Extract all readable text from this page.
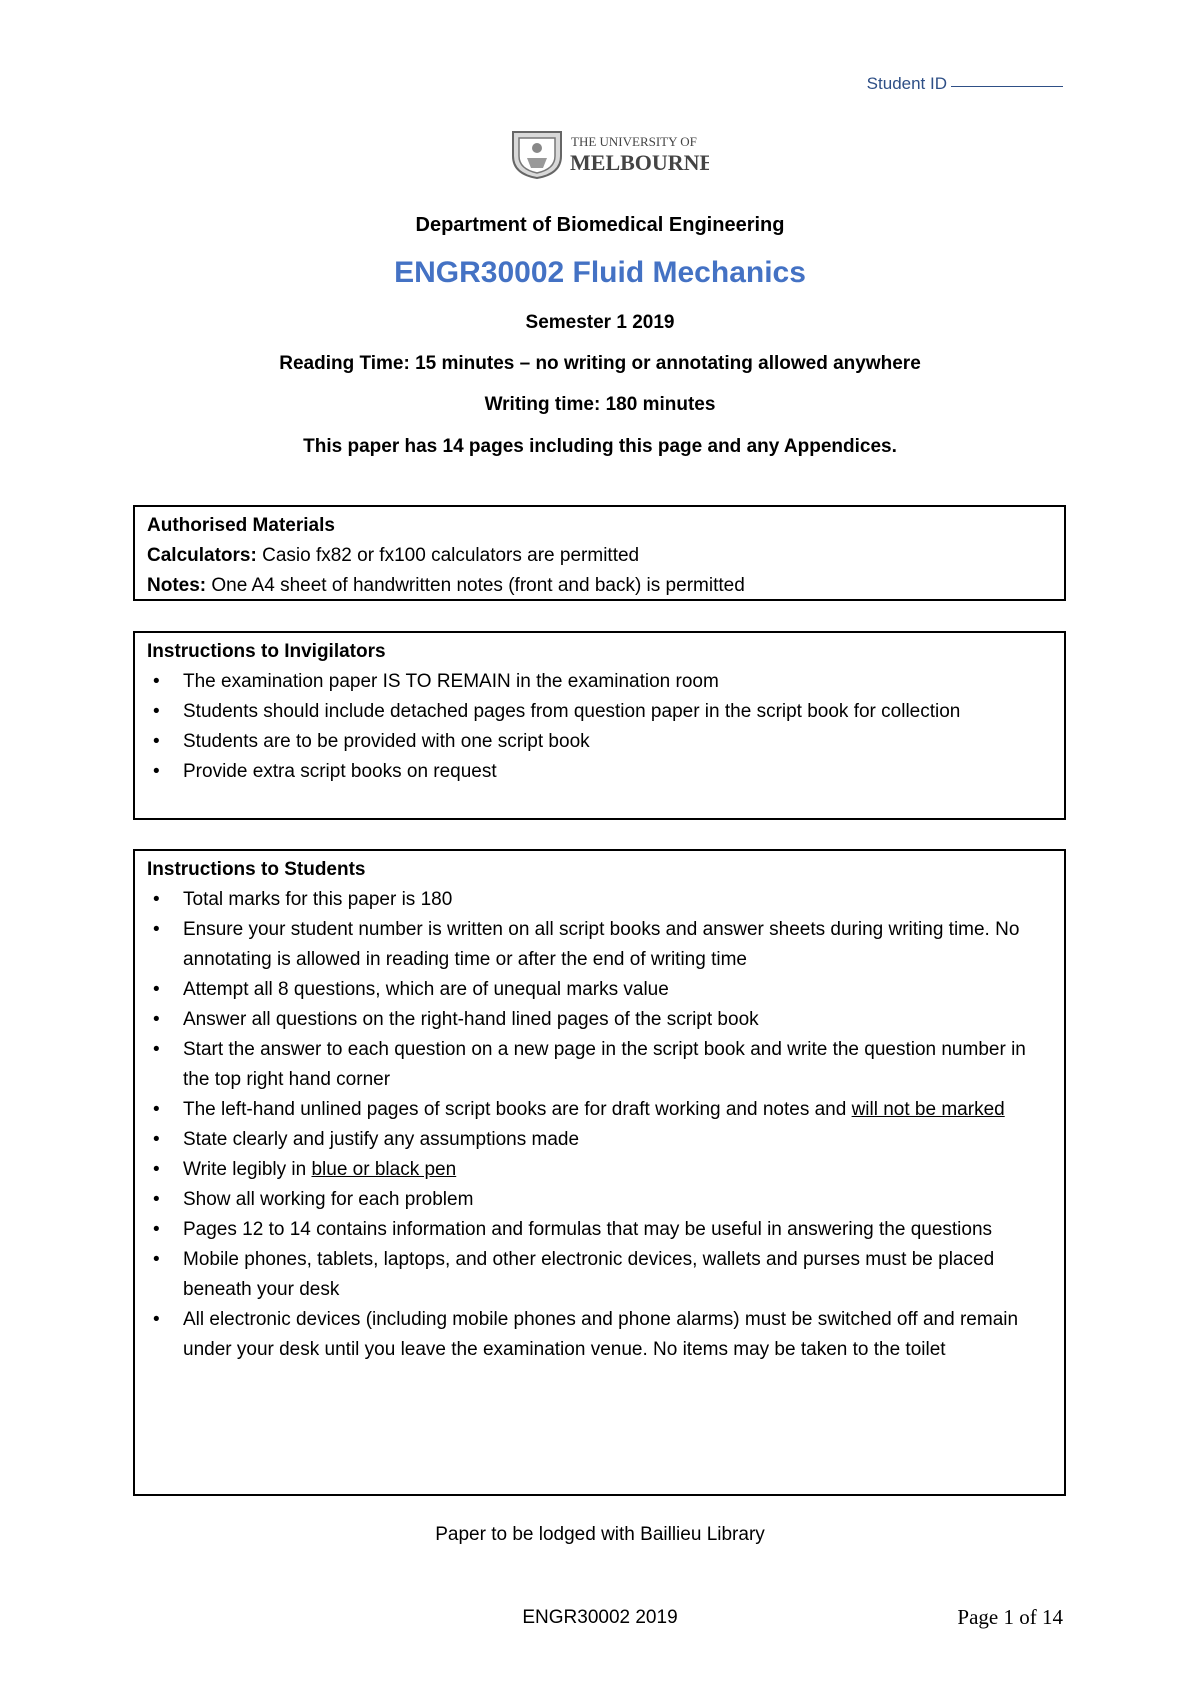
Student ID
THE UNIVERSITY OF
MELBOURNE
Department of Biomedical Engineering
ENGR30002 Fluid Mechanics
Semester 1 2019
Reading Time: 15 minutes – no writing or annotating allowed anywhere
Writing time: 180 minutes
This paper has 14 pages including this page and any Appendices.
Authorised Materials
Calculators: Casio fx82 or fx100 calculators are permitted
Notes: One A4 sheet of handwritten notes (front and back) is permitted
Instructions to Invigilators
• The examination paper IS TO REMAIN in the examination room
• Students should include detached pages from question paper in the script book for collection
• Students are to be provided with one script book
• Provide extra script books on request
Instructions to Students
• Total marks for this paper is 180
• Ensure your student number is written on all script books and answer sheets during writing time. No annotating is allowed in reading time or after the end of writing time
• Attempt all 8 questions, which are of unequal marks value
• Answer all questions on the right-hand lined pages of the script book
• Start the answer to each question on a new page in the script book and write the question number in the top right hand corner
• The left-hand unlined pages of script books are for draft working and notes and will not be marked
• State clearly and justify any assumptions made
• Write legibly in blue or black pen
• Show all working for each problem
• Pages 12 to 14 contains information and formulas that may be useful in answering the questions
• Mobile phones, tablets, laptops, and other electronic devices, wallets and purses must be placed beneath your desk
• All electronic devices (including mobile phones and phone alarms) must be switched off and remain under your desk until you leave the examination venue. No items may be taken to the toilet
Paper to be lodged with Baillieu Library
ENGR30002 2019	Page 1 of 14
